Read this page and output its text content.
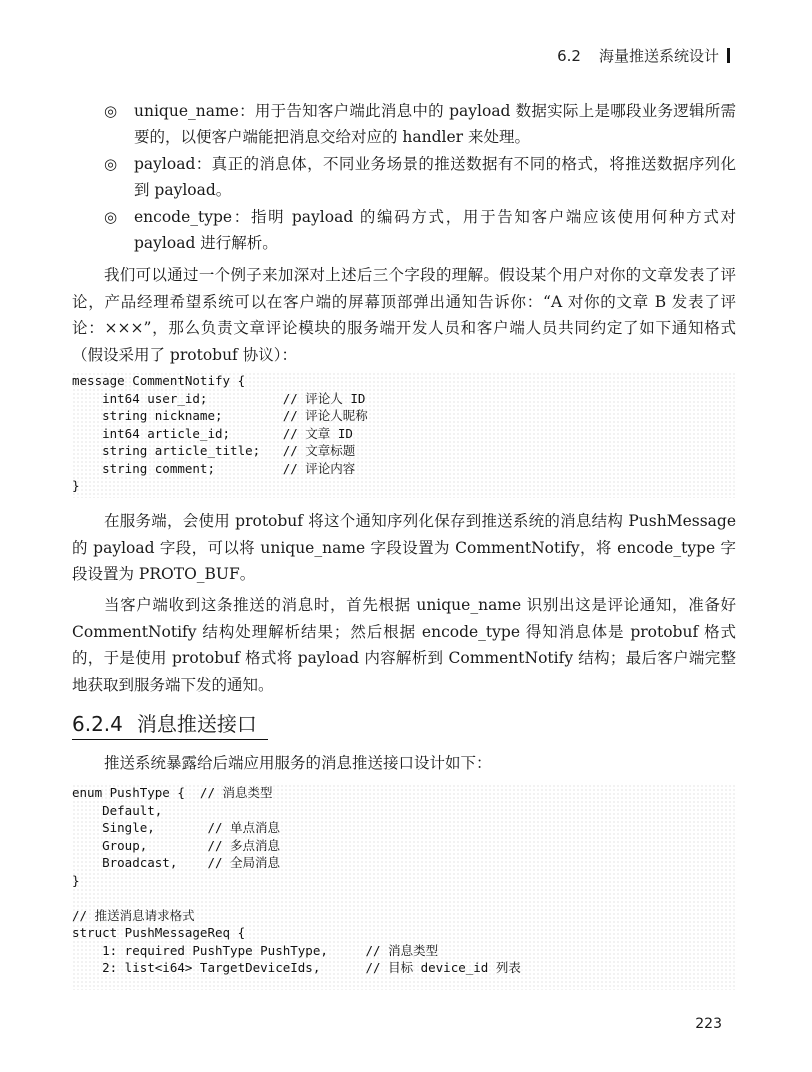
6.2 海量推送系统设计
◎ unique_name：用于告知客户端此消息中的 payload 数据实际上是哪段业务逻辑所需要的，以便客户端能把消息交给对应的 handler 来处理。
◎ payload：真正的消息体，不同业务场景的推送数据有不同的格式，将推送数据序列化到 payload。
◎ encode_type：指明 payload 的编码方式，用于告知客户端应该使用何种方式对 payload 进行解析。

我们可以通过一个例子来加深对上述后三个字段的理解。假设某个用户对你的文章发表了评论，产品经理希望系统可以在客户端的屏幕顶部弹出通知告诉你：“A 对你的文章 B 发表了评论：×××”，那么负责文章评论模块的服务端开发人员和客户端人员共同约定了如下通知格式（假设采用了 protobuf 协议）：

message CommentNotify {
int64 user_id;          // 评论人 ID
string nickname;        // 评论人昵称
int64 article_id;       // 文章 ID
string article_title;   // 文章标题
string comment;         // 评论内容
}

在服务端，会使用 protobuf 将这个通知序列化保存到推送系统的消息结构 PushMessage 的 payload 字段，可以将 unique_name 字段设置为 CommentNotify，将 encode_type 字段设置为 PROTO_BUF。

当客户端收到这条推送的消息时，首先根据 unique_name 识别出这是评论通知，准备好 CommentNotify 结构处理解析结果；然后根据 encode_type 得知消息体是 protobuf 格式的，于是使用 protobuf 格式将 payload 内容解析到 CommentNotify 结构；最后客户端完整地获取到服务端下发的通知。

6.2.4 消息推送接口

推送系统暴露给后端应用服务的消息推送接口设计如下：

enum PushType {  // 消息类型
Default,
Single,       // 单点消息
Group,        // 多点消息
Broadcast,    // 全局消息
}

// 推送消息请求格式
struct PushMessageReq {
1: required PushType PushType,     // 消息类型
2: list<i64> TargetDeviceIds,      // 目标 device_id 列表
223
